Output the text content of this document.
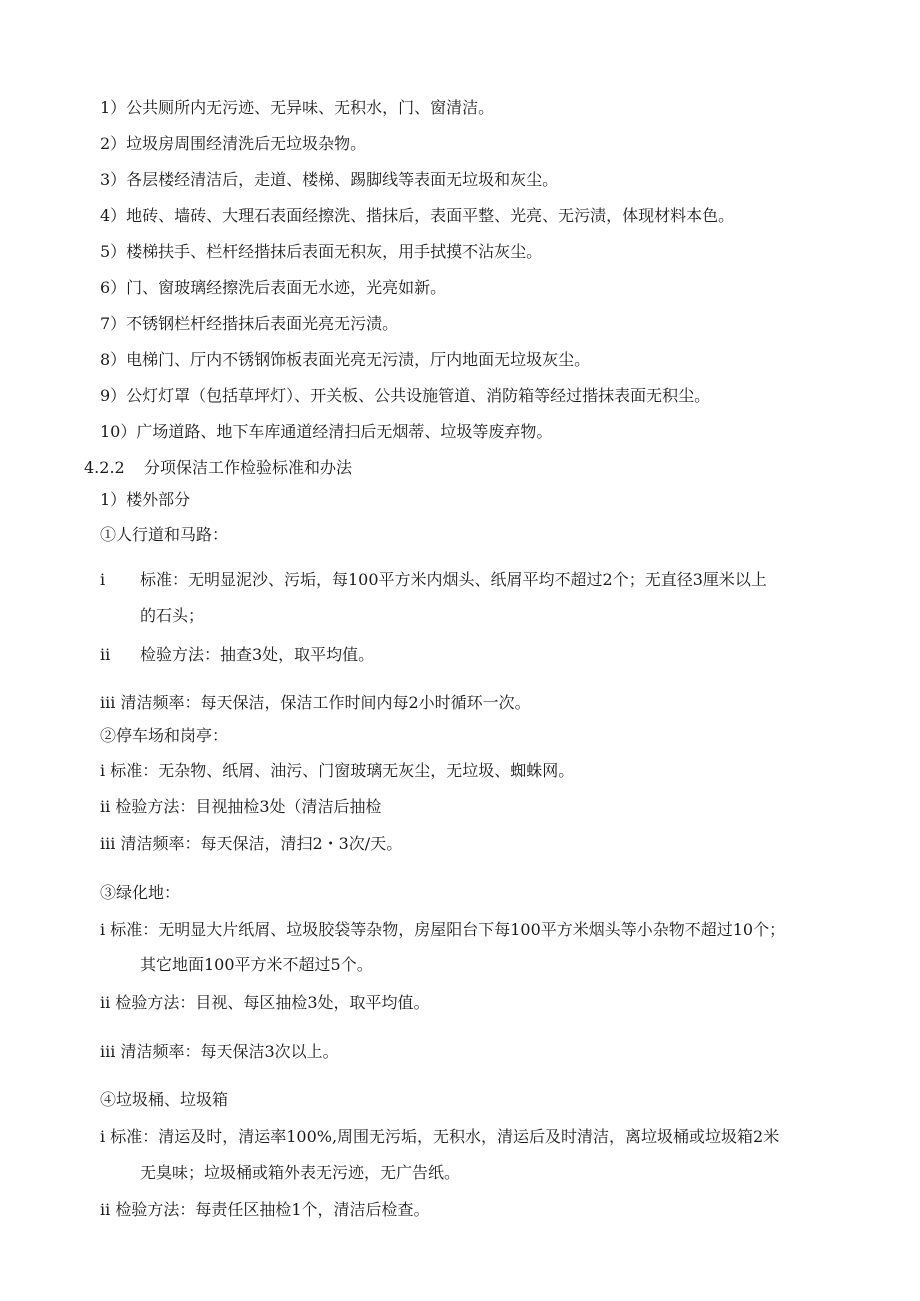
1）公共厕所内无污迹、无异味、无积水，门、窗清洁。
2）垃圾房周围经清洗后无垃圾杂物。
3）各层楼经清洁后，走道、楼梯、踢脚线等表面无垃圾和灰尘。
4）地砖、墙砖、大理石表面经擦洗、揩抹后，表面平整、光亮、无污渍，体现材料本色。
5）楼梯扶手、栏杆经揩抹后表面无积灰，用手拭摸不沾灰尘。
6）门、窗玻璃经擦洗后表面无水迹，光亮如新。
7）不锈钢栏杆经揩抹后表面光亮无污渍。
8）电梯门、厅内不锈钢饰板表面光亮无污渍，厅内地面无垃圾灰尘。
9）公灯灯罩（包括草坪灯）、开关板、公共设施管道、消防箱等经过揩抹表面无积尘。
10）广场道路、地下车库通道经清扫后无烟蒂、垃圾等废弃物。
4.2.2 分项保洁工作检验标准和办法
1）楼外部分
①人行道和马路：
i 标准：无明显泥沙、污垢，每100平方米内烟头、纸屑平均不超过2个；无直径3厘米以上
的石头；
ii 检验方法：抽查3处，取平均值。
iii 清洁频率：每天保洁，保洁工作时间内每2小时循环一次。
②停车场和岗亭：
i 标准：无杂物、纸屑、油污、门窗玻璃无灰尘，无垃圾、蜘蛛网。
ii 检验方法：目视抽检3处（清洁后抽检
iii 清洁频率：每天保洁，清扫2・3次/天。
③绿化地：
i 标准：无明显大片纸屑、垃圾胶袋等杂物，房屋阳台下每100平方米烟头等小杂物不超过10个；
其它地面100平方米不超过5个。
ii 检验方法：目视、每区抽检3处，取平均值。
iii 清洁频率：每天保洁3次以上。
④垃圾桶、垃圾箱
i 标准：清运及时，清运率100%,周围无污垢，无积水，清运后及时清洁，离垃圾桶或垃圾箱2米
无臭味；垃圾桶或箱外表无污迹，无广告纸。
ii 检验方法：每责任区抽检1个，清洁后检查。
